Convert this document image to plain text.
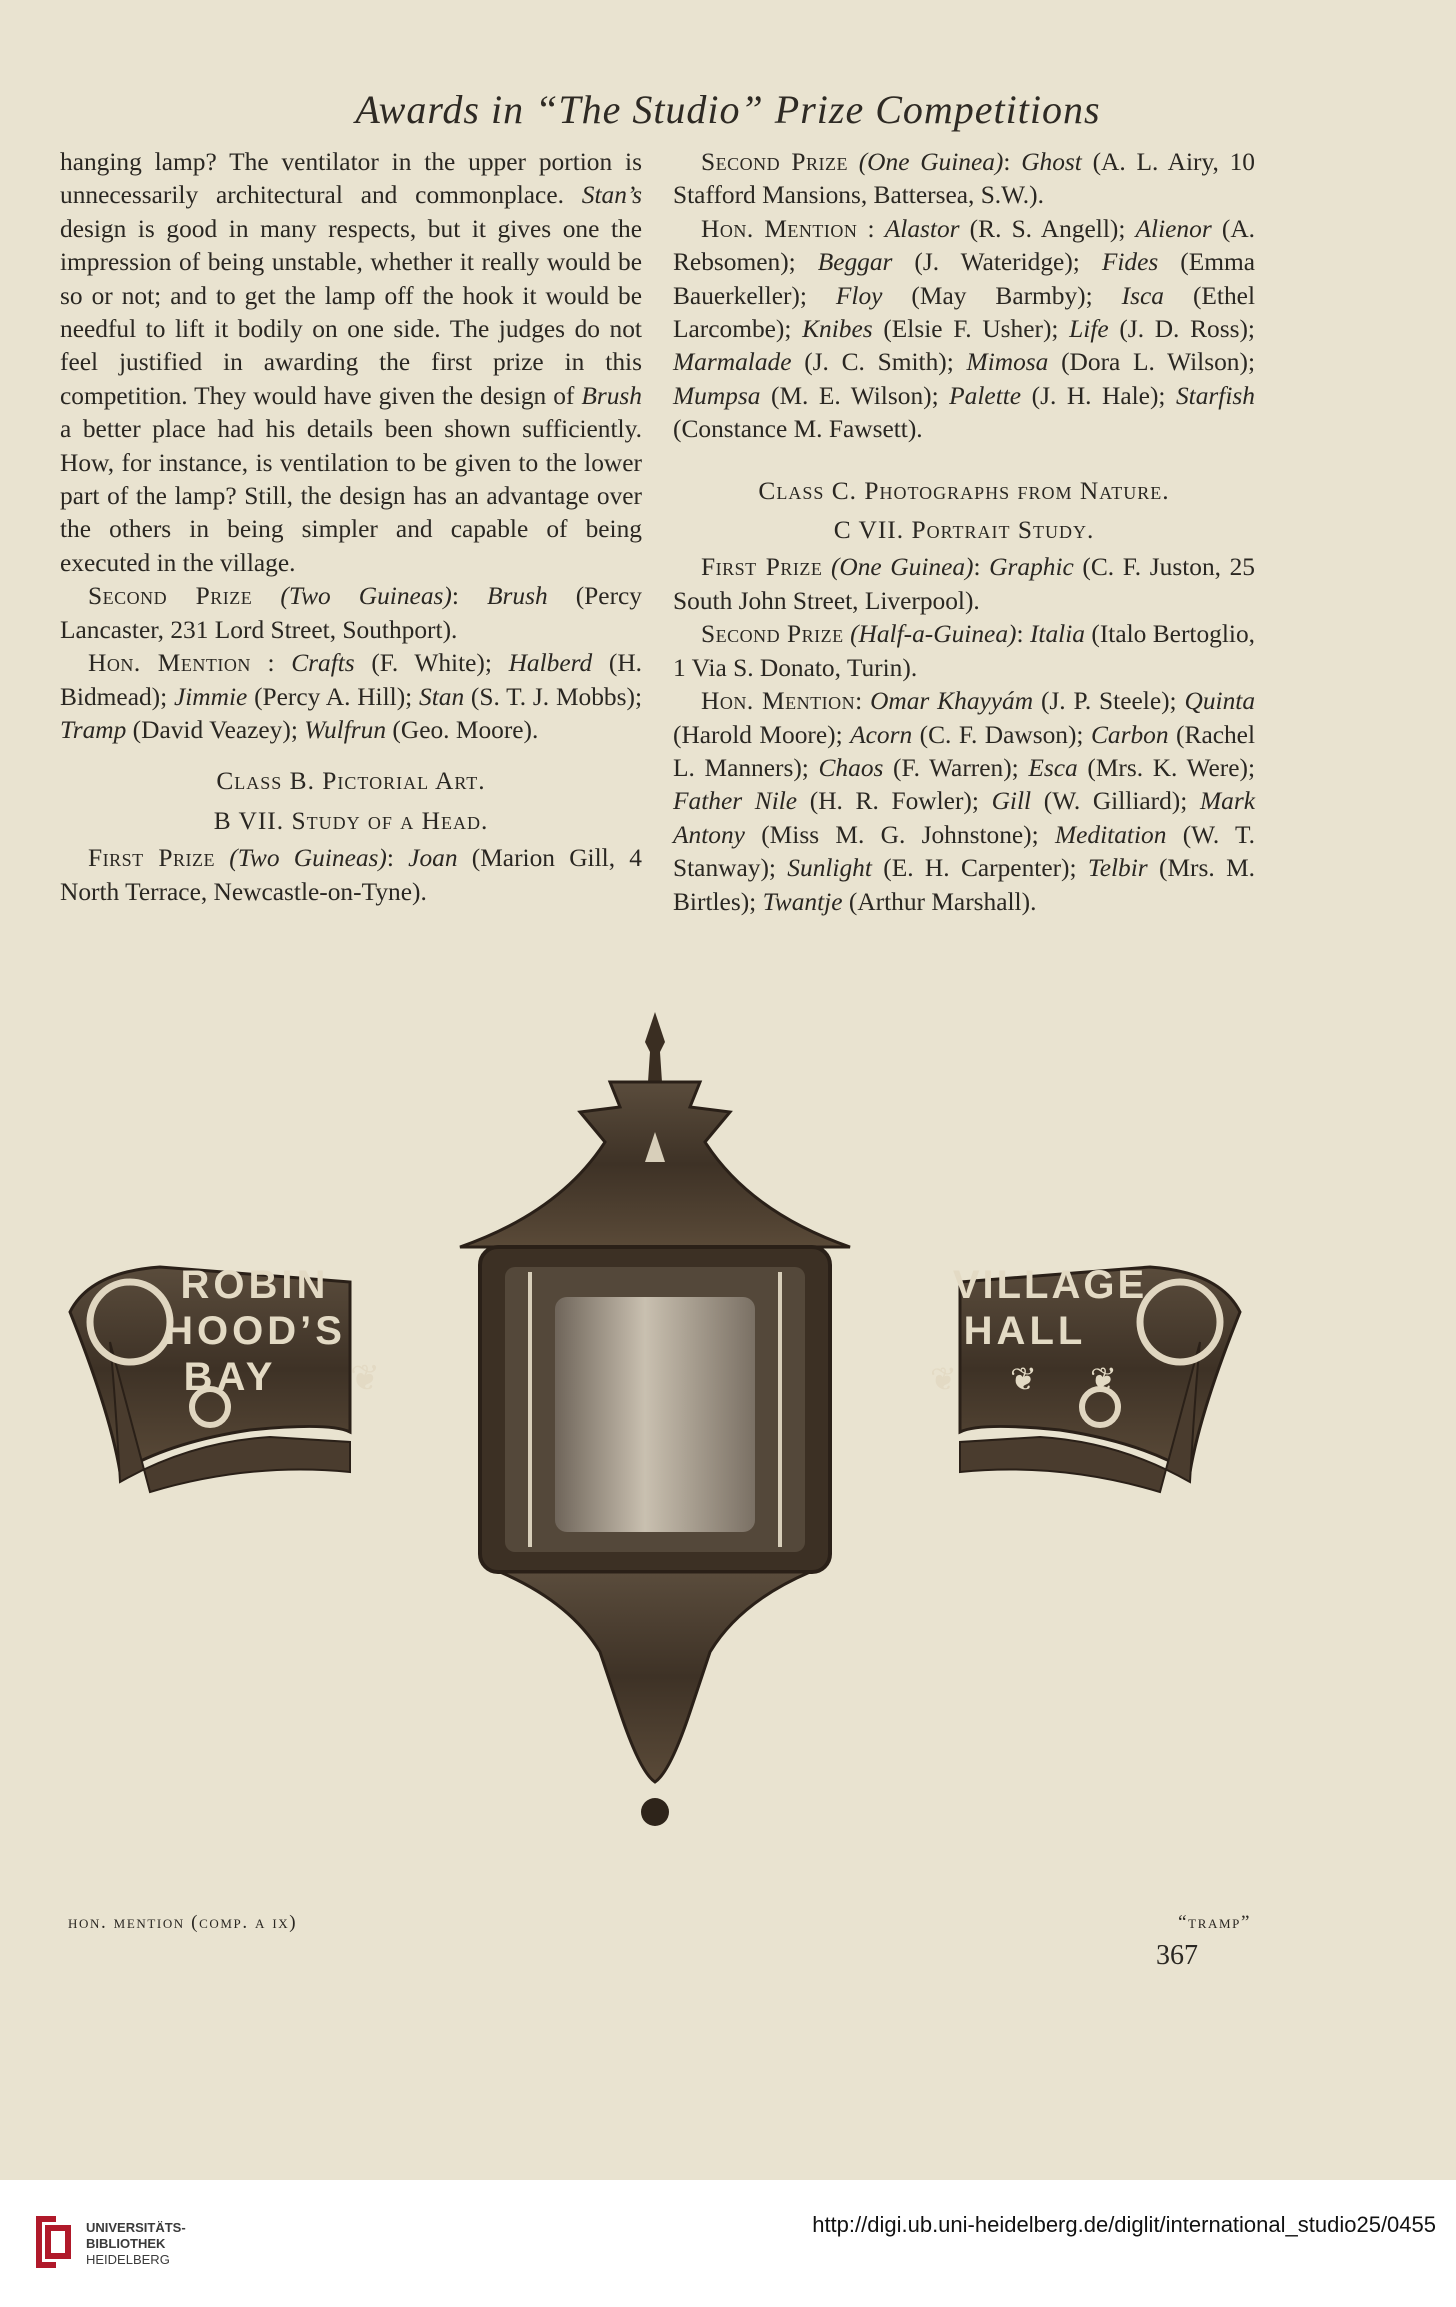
Awards in “The Studio” Prize Competitions

hanging lamp? The ventilator in the upper portion is unnecessarily architectural and commonplace. Stan’s design is good in many respects, but it gives one the impression of being unstable, whether it really would be so or not; and to get the lamp off the hook it would be needful to lift it bodily on one side. The judges do not feel justified in awarding the first prize in this competition. They would have given the design of Brush a better place had his details been shown sufficiently. How, for instance, is ventilation to be given to the lower part of the lamp? Still, the design has an advantage over the others in being simpler and capable of being executed in the village.

Second Prize (Two Guineas): Brush (Percy Lancaster, 231 Lord Street, Southport).

Hon. Mention : Crafts (F. White); Halberd (H. Bidmead); Jimmie (Percy A. Hill); Stan (S. T. J. Mobbs); Tramp (David Veazey); Wulfrun (Geo. Moore).

Class B. Pictorial Art.

B VII. Study of a Head.

First Prize (Two Guineas): Joan (Marion Gill, 4 North Terrace, Newcastle-on-Tyne).

Second Prize (One Guinea): Ghost (A. L. Airy, 10 Stafford Mansions, Battersea, S.W.).

Hon. Mention : Alastor (R. S. Angell); Alienor (A. Rebsomen); Beggar (J. Wateridge); Fides (Emma Bauerkeller); Floy (May Barmby); Isca (Ethel Larcombe); Knibes (Elsie F. Usher); Life (J. D. Ross); Marmalade (J. C. Smith); Mimosa (Dora L. Wilson); Mumpsa (M. E. Wilson); Palette (J. H. Hale); Starfish (Constance M. Fawsett).

Class C. Photographs from Nature.

C VII. Portrait Study.

First Prize (One Guinea): Graphic (C. F. Juston, 25 South John Street, Liverpool).

Second Prize (Half-a-Guinea): Italia (Italo Bertoglio, 1 Via S. Donato, Turin).

Hon. Mention: Omar Khayyám (J. P. Steele); Quinta (Harold Moore); Acorn (C. F. Dawson); Carbon (Rachel L. Manners); Chaos (F. Warren); Esca (Mrs. K. Were); Father Nile (H. R. Fowler); Gill (W. Gilliard); Mark Antony (Miss M. G. Johnstone); Meditation (W. T. Stanway); Sunlight (E. H. Carpenter); Telbir (Mrs. M. Birtles); Twantje (Arthur Marshall).

ROBIN
HOOD’S
BAY
VILLAGE
HALL
❦	❦ ❦ ❦
hon. mention (comp. a ix)	“tramp”
367
UNIVERSITÄTS-
BIBLIOTHEK
HEIDELBERG
http://digi.ub.uni-heidelberg.de/diglit/international_studio25/0455
